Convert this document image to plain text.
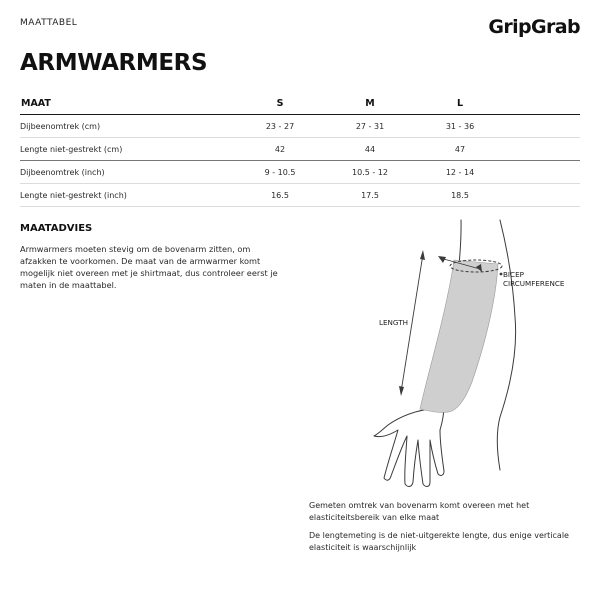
MAATTABEL	GripGrab
ARMWARMERS
MAAT	S	M	L	
Dijbeenomtrek (cm)	23 - 27	27 - 31	31 - 36	
Lengte niet-gestrekt (cm)	42	44	47	
Dijbeenomtrek (inch)	9 - 10.5	10.5 - 12	12 - 14	
Lengte niet-gestrekt (inch)	16.5	17.5	18.5	
MAATADVIES

Armwarmers moeten stevig om de bovenarm zitten, om afzakken te voorkomen. De maat van de armwarmer komt mogelijk niet overeen met je shirtmaat, dus controleer eerst je maten in de maattabel.

LENGTH
BICEP
CIRCUMFERENCE

Gemeten omtrek van bovenarm komt overeen met het elasticiteitsbereik van elke maat

De lengtemeting is de niet-uitgerekte lengte, dus enige verticale elasticiteit is waarschijnlijk
